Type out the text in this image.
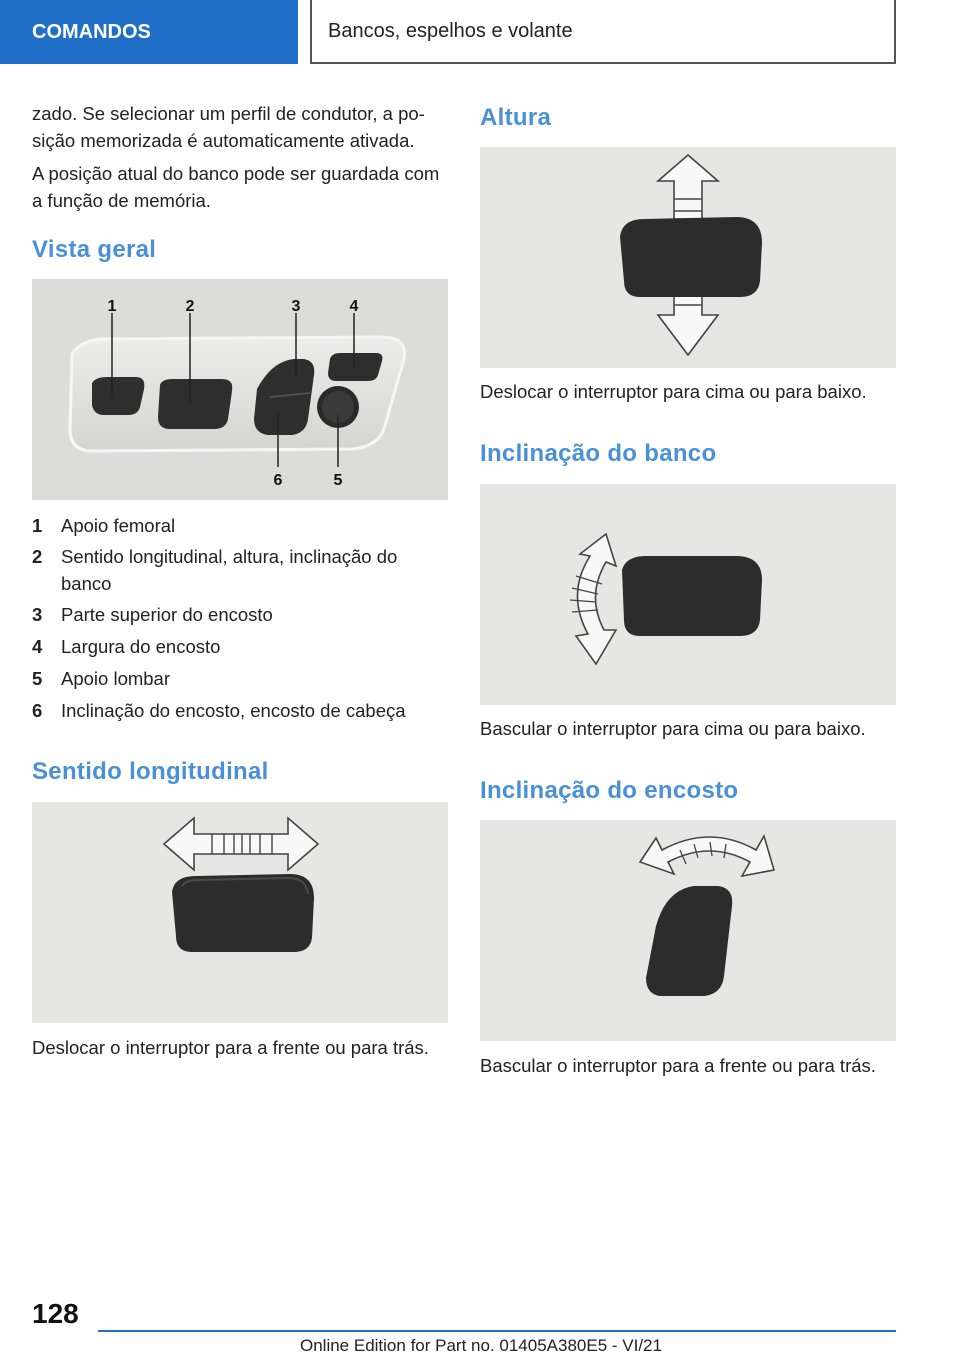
COMANDOS	Bancos, espelhos e volante

zado. Se selecionar um perfil de condutor, a po-sição memorizada é automaticamente ativada.

A posição atual do banco pode ser guardada com a função de memória.

Vista geral
1	2	3	4
6	5
1	Apoio femoral
2	Sentido longitudinal, altura, inclinação do banco
3	Parte superior do encosto
4	Largura do encosto
5	Apoio lombar
6	Inclinação do encosto, encosto de cabeça
Sentido longitudinal

Deslocar o interruptor para a frente ou para trás.

Altura

Deslocar o interruptor para cima ou para baixo.

Inclinação do banco

Bascular o interruptor para cima ou para baixo.

Inclinação do encosto

Bascular o interruptor para a frente ou para trás.

128
Online Edition for Part no. 01405A380E5 - VI/21
